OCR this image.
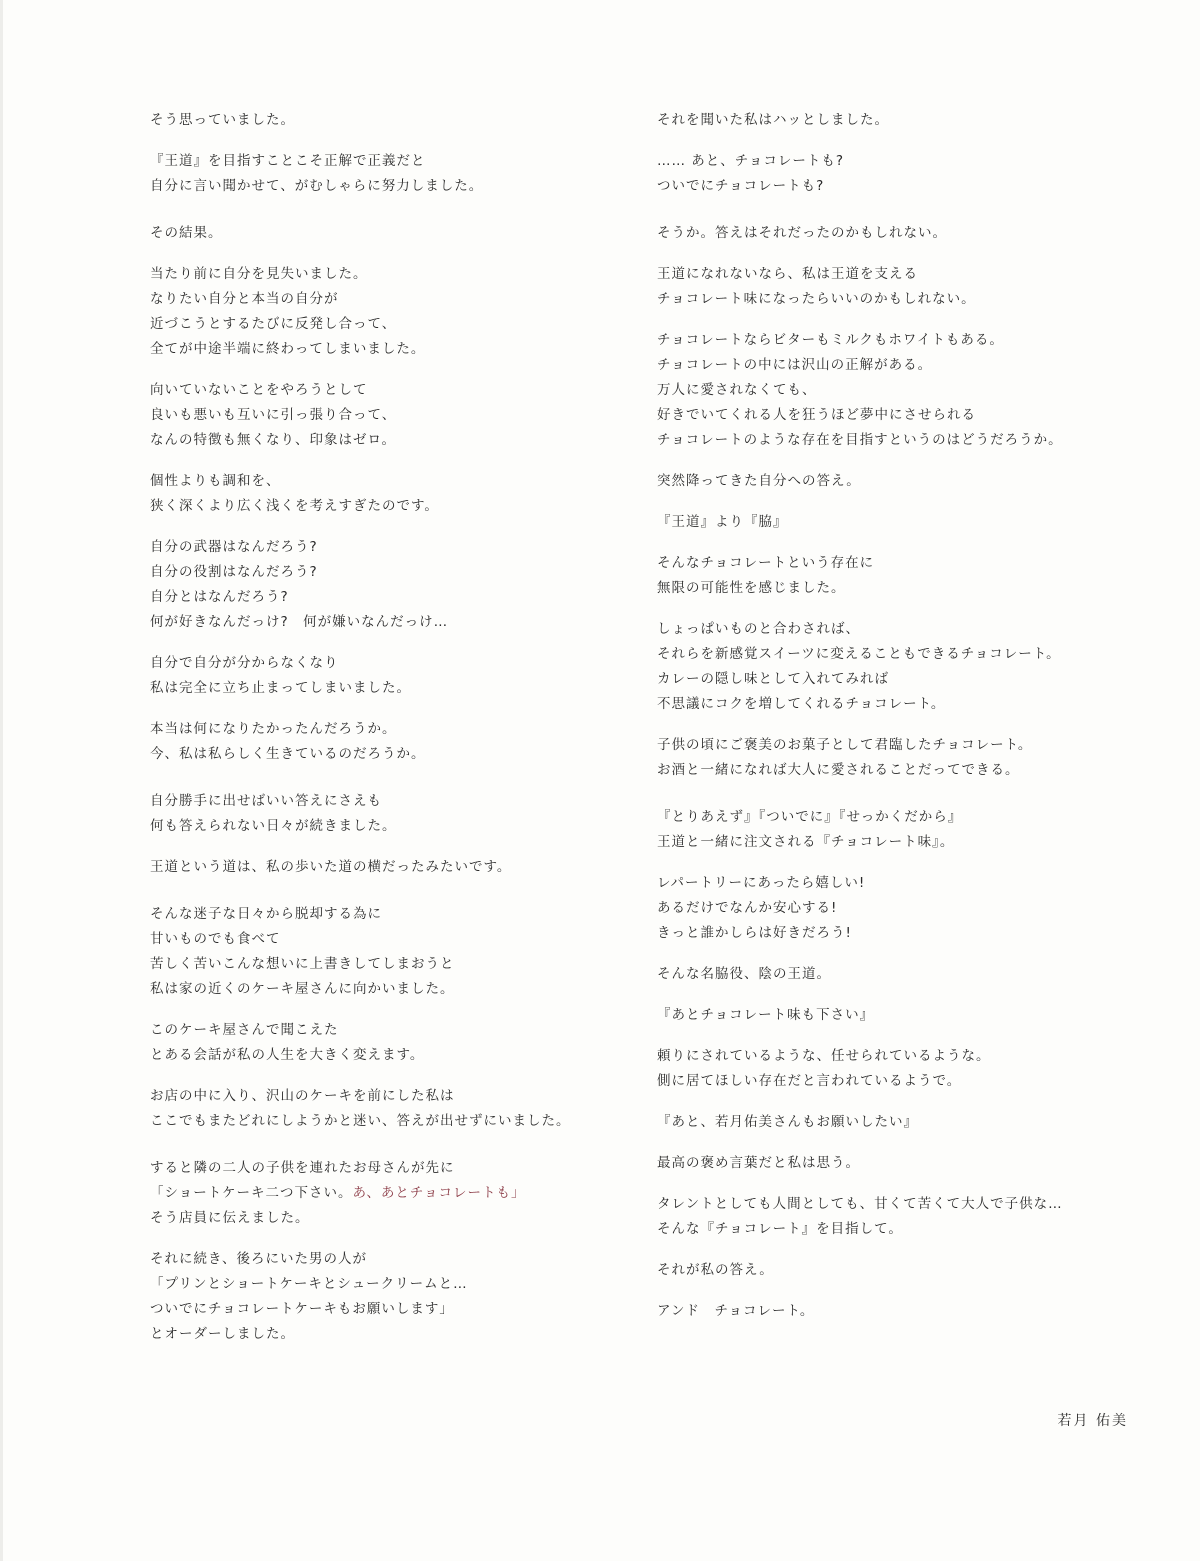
そう思っていました。
『王道』を目指すことこそ正解で正義だと
自分に言い聞かせて、がむしゃらに努力しました。
その結果。
当たり前に自分を見失いました。
なりたい自分と本当の自分が
近づこうとするたびに反発し合って、
全てが中途半端に終わってしまいました。
向いていないことをやろうとして
良いも悪いも互いに引っ張り合って、
なんの特徴も無くなり、印象はゼロ。
個性よりも調和を、
狭く深くより広く浅くを考えすぎたのです。
自分の武器はなんだろう?
自分の役割はなんだろう?
自分とはなんだろう?
何が好きなんだっけ?　何が嫌いなんだっけ…
自分で自分が分からなくなり
私は完全に立ち止まってしまいました。
本当は何になりたかったんだろうか。
今、私は私らしく生きているのだろうか。
自分勝手に出せばいい答えにさえも
何も答えられない日々が続きました。
王道という道は、私の歩いた道の横だったみたいです。
そんな迷子な日々から脱却する為に
甘いものでも食べて
苦しく苦いこんな想いに上書きしてしまおうと
私は家の近くのケーキ屋さんに向かいました。
このケーキ屋さんで聞こえた
とある会話が私の人生を大きく変えます。
お店の中に入り、沢山のケーキを前にした私は
ここでもまたどれにしようかと迷い、答えが出せずにいました。
すると隣の二人の子供を連れたお母さんが先に
「ショートケーキ二つ下さい。あ、あとチョコレートも」
そう店員に伝えました。
それに続き、後ろにいた男の人が
「プリンとショートケーキとシュークリームと…
ついでにチョコレートケーキもお願いします」
とオーダーしました。
それを聞いた私はハッとしました。
…… あと、チョコレートも?
ついでにチョコレートも?
そうか。答えはそれだったのかもしれない。
王道になれないなら、私は王道を支える
チョコレート味になったらいいのかもしれない。
チョコレートならビターもミルクもホワイトもある。
チョコレートの中には沢山の正解がある。
万人に愛されなくても、
好きでいてくれる人を狂うほど夢中にさせられる
チョコレートのような存在を目指すというのはどうだろうか。
突然降ってきた自分への答え。
『王道』より『脇』
そんなチョコレートという存在に
無限の可能性を感じました。
しょっぱいものと合わされば、
それらを新感覚スイーツに変えることもできるチョコレート。
カレーの隠し味として入れてみれば
不思議にコクを増してくれるチョコレート。
子供の頃にご褒美のお菓子として君臨したチョコレート。
お酒と一緒になれば大人に愛されることだってできる。
『とりあえず』『ついでに』『せっかくだから』
王道と一緒に注文される『チョコレート味』。
レパートリーにあったら嬉しい!
あるだけでなんか安心する!
きっと誰かしらは好きだろう!
そんな名脇役、陰の王道。
『あとチョコレート味も下さい』
頼りにされているような、任せられているような。
側に居てほしい存在だと言われているようで。
『あと、若月佑美さんもお願いしたい』
最高の褒め言葉だと私は思う。
タレントとしても人間としても、甘くて苦くて大人で子供な…
そんな『チョコレート』を目指して。
それが私の答え。
アンド　チョコレート。
若月 佑美
